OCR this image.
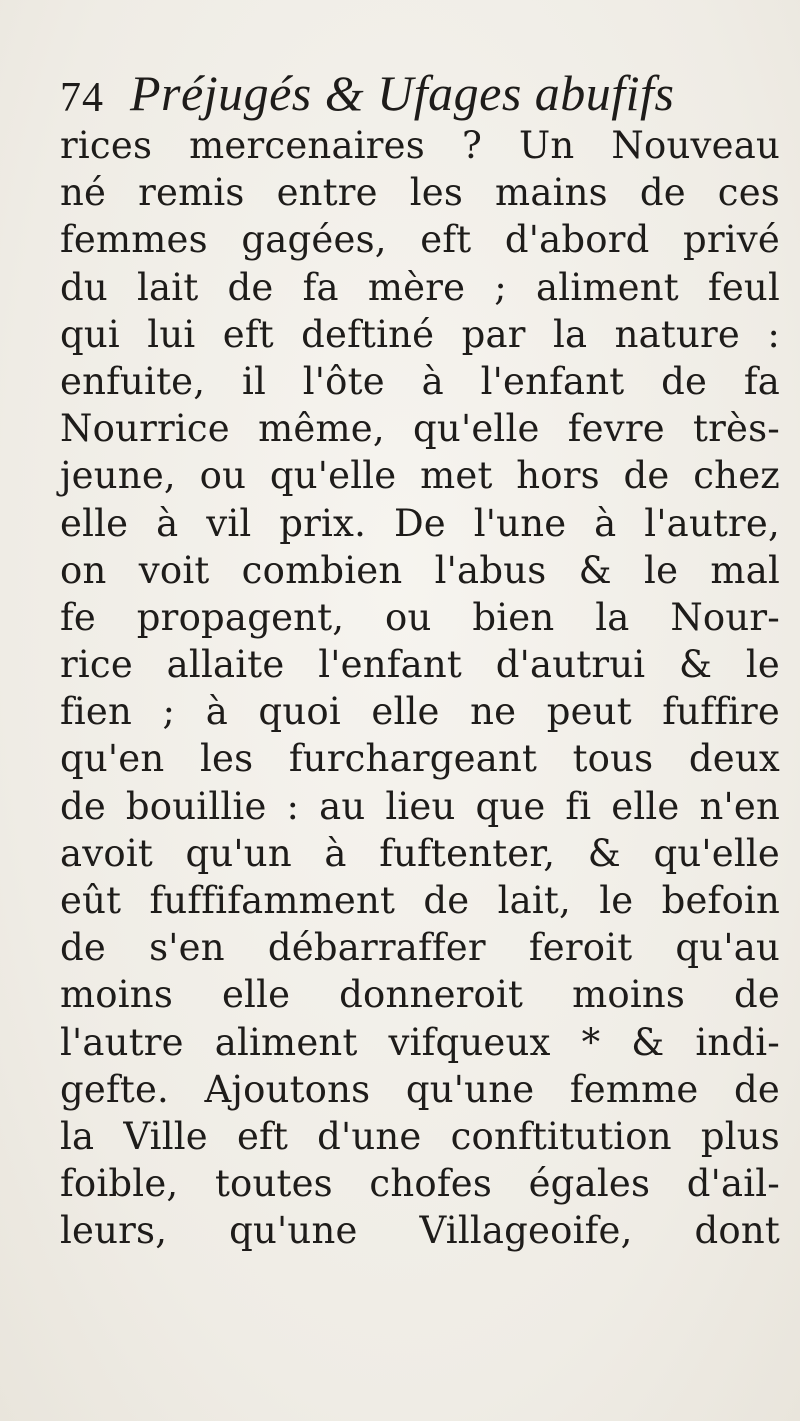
74 Préjugés & Ufages abufifs
rices mercenaires ? Un Nouveau
né remis entre les mains de ces
femmes gagées, eft d'abord privé
du lait de fa mère ; aliment feul
qui lui eft deftiné par la nature :
enfuite, il l'ôte à l'enfant de fa
Nourrice même, qu'elle fevre très-
jeune, ou qu'elle met hors de chez
elle à vil prix. De l'une à l'autre,
on voit combien l'abus & le mal
fe propagent, ou bien la Nour-
rice allaite l'enfant d'autrui & le
fien ; à quoi elle ne peut fuffire
qu'en les furchargeant tous deux
de bouillie : au lieu que fi elle n'en
avoit qu'un à fuftenter, & qu'elle
eût fuffifamment de lait, le befoin
de s'en débarraffer feroit qu'au
moins elle donneroit moins de
l'autre aliment vifqueux * & indi-
gefte. Ajoutons qu'une femme de
la Ville eft d'une conftitution plus
foible, toutes chofes égales d'ail-
leurs, qu'une Villageoife, dont
